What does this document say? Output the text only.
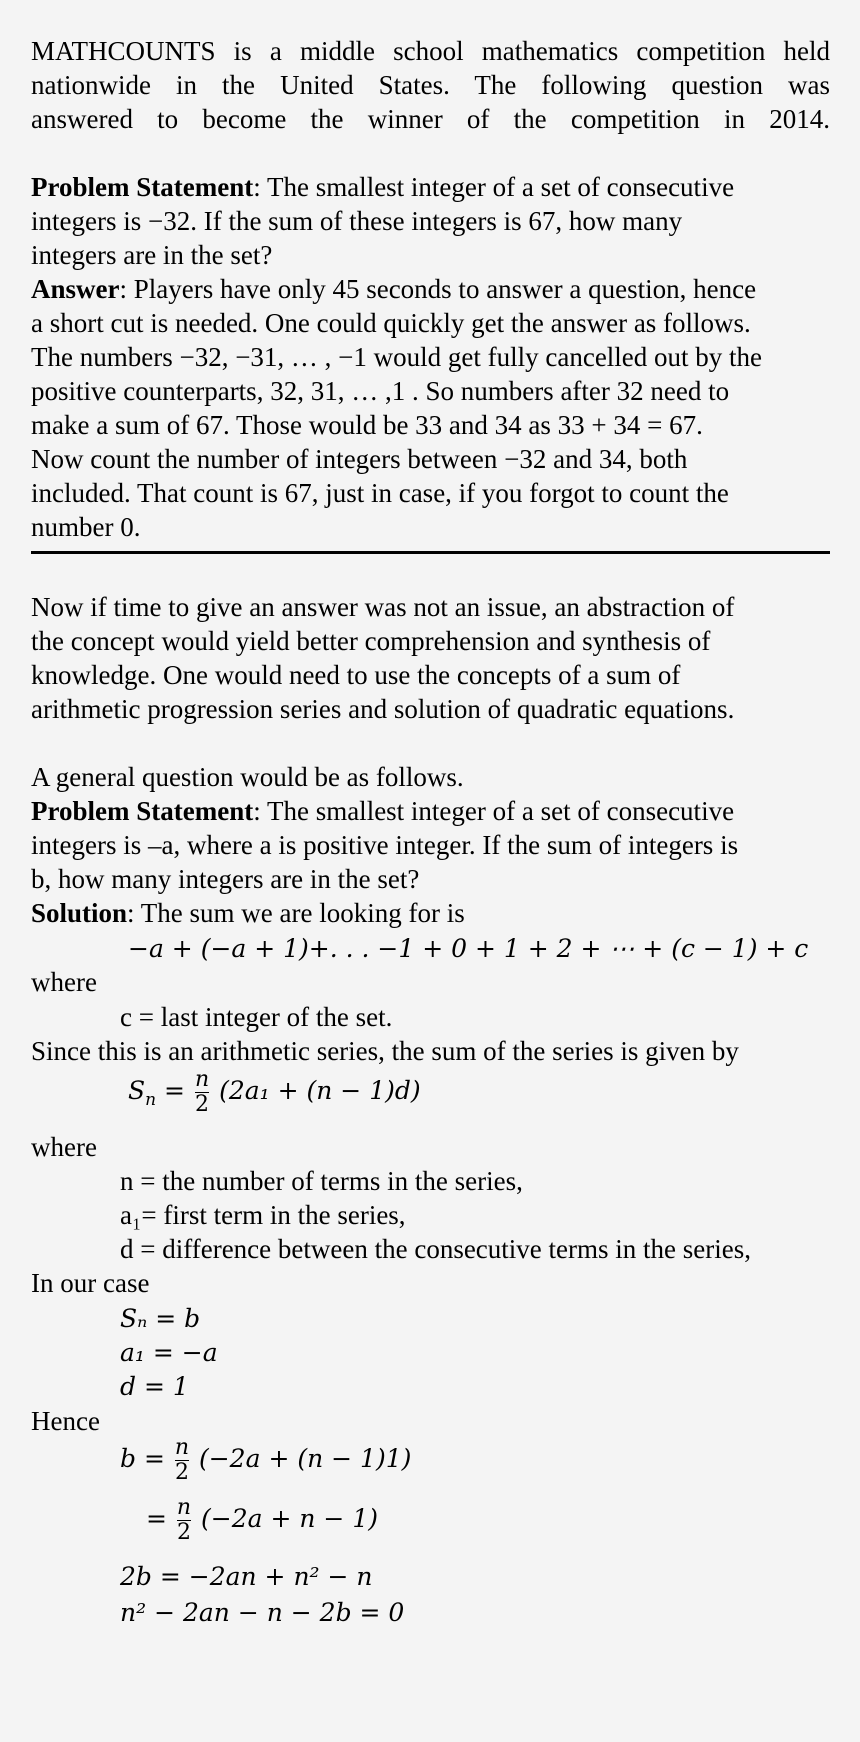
MATHCOUNTS is a middle school mathematics competition held
nationwide in the United States. The following question was
answered to become the winner of the competition in 2014.
Problem Statement: The smallest integer of a set of consecutive
integers is −32. If the sum of these integers is 67, how many
integers are in the set?
Answer: Players have only 45 seconds to answer a question, hence
a short cut is needed. One could quickly get the answer as follows.
The numbers −32, −31, … , −1 would get fully cancelled out by the
positive counterparts, 32, 31, … ,1 . So numbers after 32 need to
make a sum of 67. Those would be 33 and 34 as 33 + 34 = 67.
Now count the number of integers between −32 and 34, both
included. That count is 67, just in case, if you forgot to count the
number 0.
Now if time to give an answer was not an issue, an abstraction of
the concept would yield better comprehension and synthesis of
knowledge. One would need to use the concepts of a sum of
arithmetic progression series and solution of quadratic equations.
A general question would be as follows.
Problem Statement: The smallest integer of a set of consecutive
integers is –a, where a is positive integer. If the sum of integers is
b, how many integers are in the set?
Solution: The sum we are looking for is
−a + (−a + 1)+. . . −1 + 0 + 1 + 2 + ⋯ + (c − 1) + c
where
c = last integer of the set.
Since this is an arithmetic series, the sum of the series is given by
$S_n = \frac{n}{2} (2a_1 + (n - 1)d)$
where
n = the number of terms in the series,
a₁= first term in the series,
d = difference between the consecutive terms in the series,
In our case
Sₙ = b
a₁ = −a
d = 1
Hence
$b = \frac{n}{2} (-2a + (n - 1)1)$
= $\frac{n}{2} (-2a + n - 1)$
2b = −2an + n² − n
n² − 2an − n − 2b = 0
